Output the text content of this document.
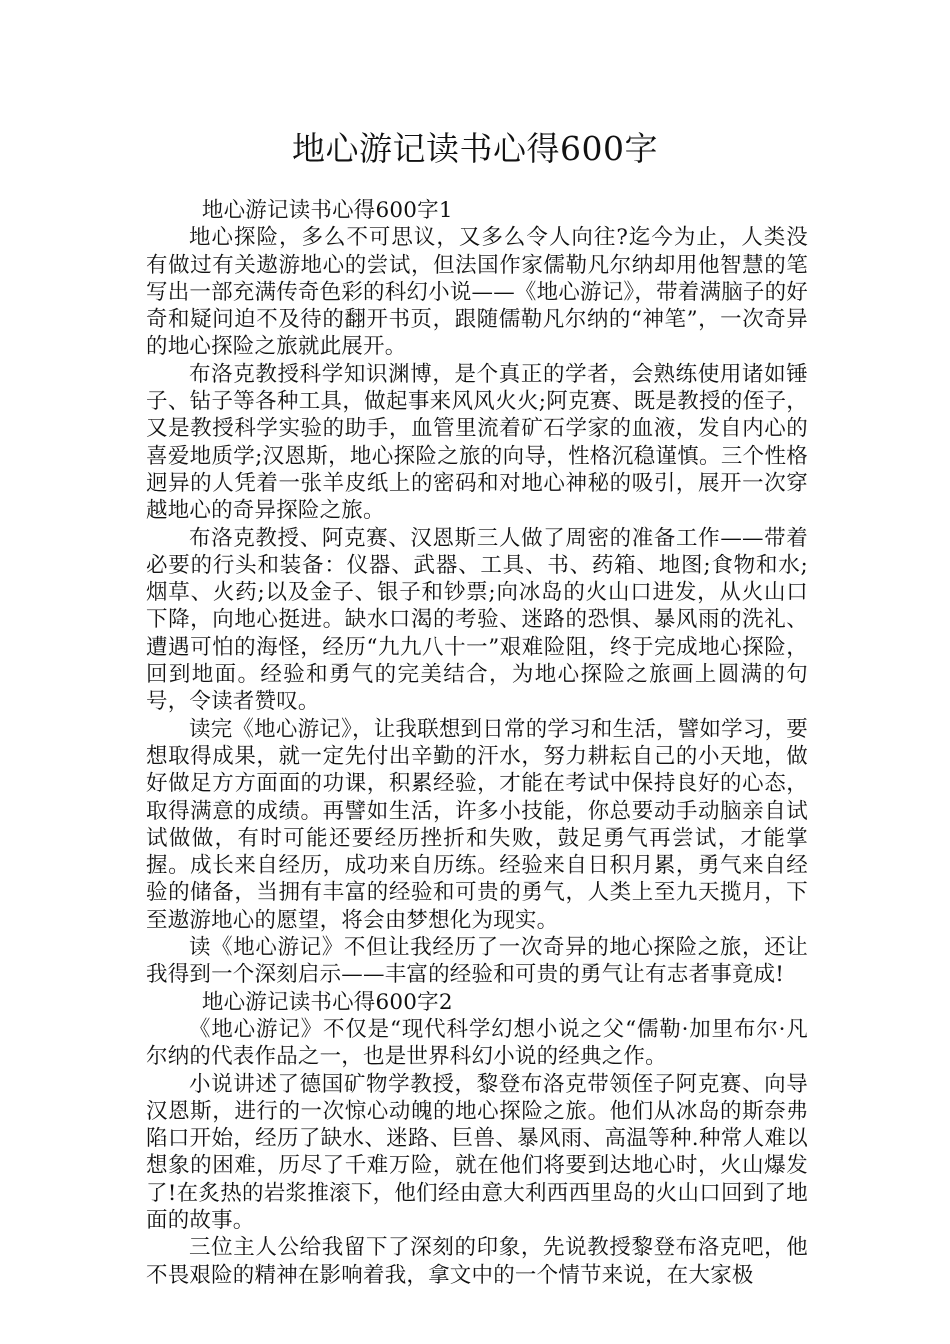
地心游记读书心得600字

地心游记读书心得600字1

地心探险，多么不可思议，又多么令人向往?迄今为止，人类没有做过有关遨游地心的尝试，但法国作家儒勒凡尔纳却用他智慧的笔写出一部充满传奇色彩的科幻小说——《地心游记》，带着满脑子的好奇和疑问迫不及待的翻开书页，跟随儒勒凡尔纳的“神笔”，一次奇异的地心探险之旅就此展开。

布洛克教授科学知识渊博，是个真正的学者，会熟练使用诸如锤子、钻子等各种工具，做起事来风风火火;阿克赛、既是教授的侄子，又是教授科学实验的助手，血管里流着矿石学家的血液，发自内心的喜爱地质学;汉恩斯，地心探险之旅的向导，性格沉稳谨慎。三个性格迥异的人凭着一张羊皮纸上的密码和对地心神秘的吸引，展开一次穿越地心的奇异探险之旅。

布洛克教授、阿克赛、汉恩斯三人做了周密的准备工作——带着必要的行头和装备：仪器、武器、工具、书、药箱、地图;食物和水;烟草、火药;以及金子、银子和钞票;向冰岛的火山口进发，从火山口下降，向地心挺进。缺水口渴的考验、迷路的恐惧、暴风雨的洗礼、遭遇可怕的海怪，经历“九九八十一”艰难险阻，终于完成地心探险，回到地面。经验和勇气的完美结合，为地心探险之旅画上圆满的句号，令读者赞叹。

读完《地心游记》，让我联想到日常的学习和生活，譬如学习，要想取得成果，就一定先付出辛勤的汗水，努力耕耘自己的小天地，做好做足方方面面的功课，积累经验，才能在考试中保持良好的心态，取得满意的成绩。再譬如生活，许多小技能，你总要动手动脑亲自试试做做，有时可能还要经历挫折和失败，鼓足勇气再尝试，才能掌握。成长来自经历，成功来自历练。经验来自日积月累，勇气来自经验的储备，当拥有丰富的经验和可贵的勇气，人类上至九天揽月，下至遨游地心的愿望，将会由梦想化为现实。

读《地心游记》不但让我经历了一次奇异的地心探险之旅，还让我得到一个深刻启示——丰富的经验和可贵的勇气让有志者事竟成!

地心游记读书心得600字2

《地心游记》不仅是“现代科学幻想小说之父“儒勒·加里布尔·凡尔纳的代表作品之一，也是世界科幻小说的经典之作。

小说讲述了德国矿物学教授，黎登布洛克带领侄子阿克赛、向导汉恩斯，进行的一次惊心动魄的地心探险之旅。他们从冰岛的斯奈弗陷口开始，经历了缺水、迷路、巨兽、暴风雨、高温等种.种常人难以想象的困难，历尽了千难万险，就在他们将要到达地心时，火山爆发了!在炙热的岩浆推滚下，他们经由意大利西西里岛的火山口回到了地面的故事。

三位主人公给我留下了深刻的印象，先说教授黎登布洛克吧，他不畏艰险的精神在影响着我，拿文中的一个情节来说，在大家极
